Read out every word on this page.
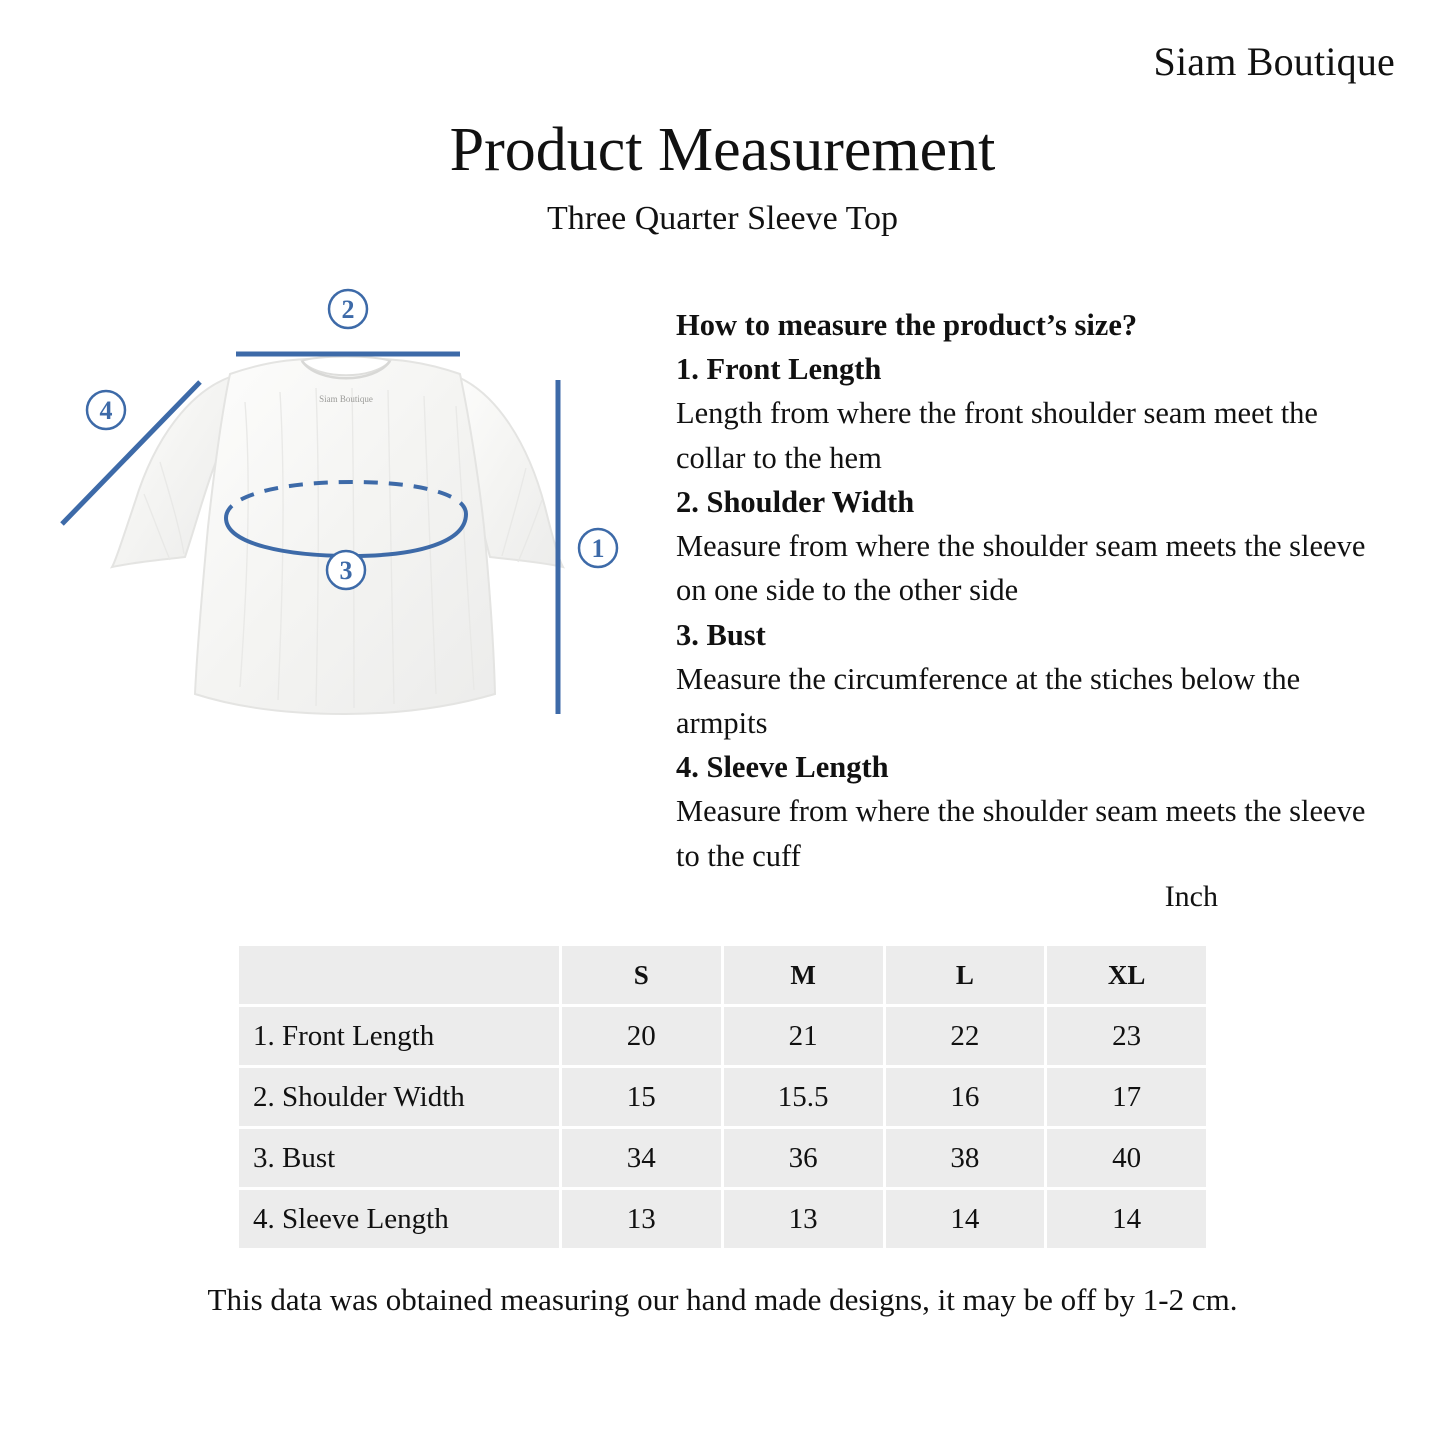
Siam Boutique
Product Measurement
Three Quarter Sleeve Top
Siam Boutique
1
2
3
4
How to measure the product’s size?
1. Front Length
Length from where the front shoulder seam meet the collar to the hem
2. Shoulder Width
Measure from where the shoulder seam meets the sleeve on one side to the other side
3. Bust
Measure the circumference at the stiches below the armpits
4. Sleeve Length
Measure from where the shoulder seam meets the sleeve to the cuff
Inch
	S	M	L	XL
1. Front Length	20	21	22	23
2. Shoulder Width	15	15.5	16	17
3. Bust	34	36	38	40
4. Sleeve Length	13	13	14	14
This data was obtained measuring our hand made designs, it may be off by 1-2 cm.
